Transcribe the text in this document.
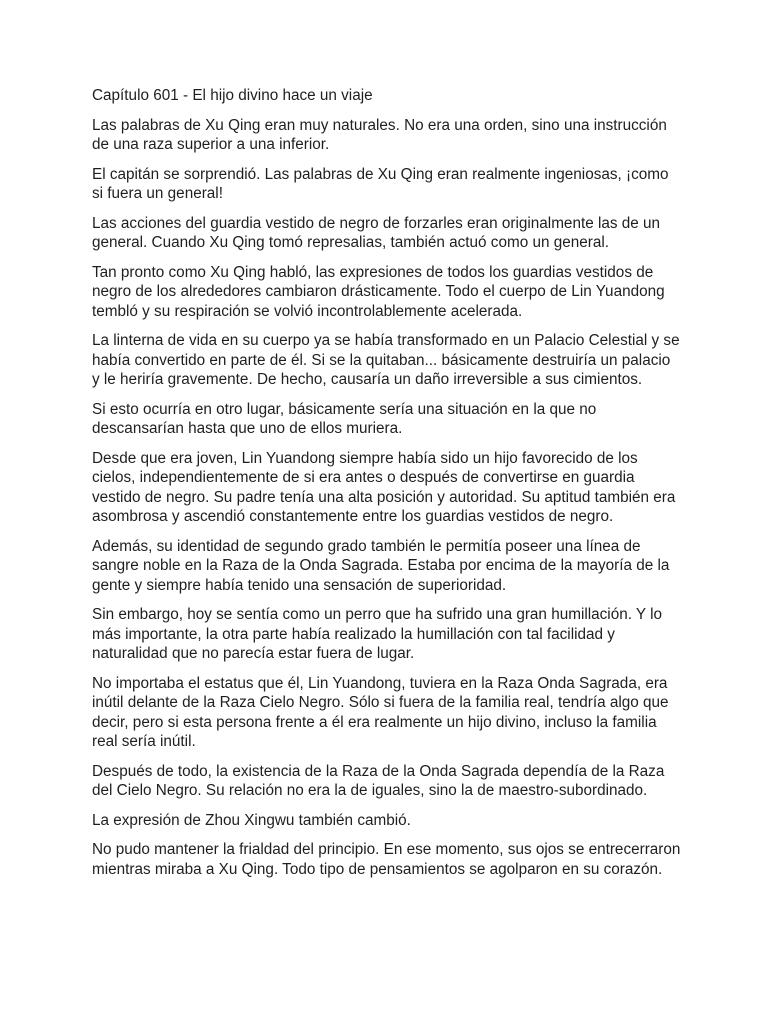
Capítulo 601 - El hijo divino hace un viaje

Las palabras de Xu Qing eran muy naturales. No era una orden, sino una instrucción de una raza superior a una inferior.

El capitán se sorprendió. Las palabras de Xu Qing eran realmente ingeniosas, ¡como si fuera un general!

Las acciones del guardia vestido de negro de forzarles eran originalmente las de un general. Cuando Xu Qing tomó represalias, también actuó como un general.

Tan pronto como Xu Qing habló, las expresiones de todos los guardias vestidos de negro de los alrededores cambiaron drásticamente. Todo el cuerpo de Lin Yuandong tembló y su respiración se volvió incontrolablemente acelerada.

La linterna de vida en su cuerpo ya se había transformado en un Palacio Celestial y se había convertido en parte de él. Si se la quitaban... básicamente destruiría un palacio y le heriría gravemente. De hecho, causaría un daño irreversible a sus cimientos.

Si esto ocurría en otro lugar, básicamente sería una situación en la que no descansarían hasta que uno de ellos muriera.

Desde que era joven, Lin Yuandong siempre había sido un hijo favorecido de los cielos, independientemente de si era antes o después de convertirse en guardia vestido de negro. Su padre tenía una alta posición y autoridad. Su aptitud también era asombrosa y ascendió constantemente entre los guardias vestidos de negro.

Además, su identidad de segundo grado también le permitía poseer una línea de sangre noble en la Raza de la Onda Sagrada. Estaba por encima de la mayoría de la gente y siempre había tenido una sensación de superioridad.

Sin embargo, hoy se sentía como un perro que ha sufrido una gran humillación. Y lo más importante, la otra parte había realizado la humillación con tal facilidad y naturalidad que no parecía estar fuera de lugar.

No importaba el estatus que él, Lin Yuandong, tuviera en la Raza Onda Sagrada, era inútil delante de la Raza Cielo Negro. Sólo si fuera de la familia real, tendría algo que decir, pero si esta persona frente a él era realmente un hijo divino, incluso la familia real sería inútil.

Después de todo, la existencia de la Raza de la Onda Sagrada dependía de la Raza del Cielo Negro. Su relación no era la de iguales, sino la de maestro-subordinado.

La expresión de Zhou Xingwu también cambió.

No pudo mantener la frialdad del principio. En ese momento, sus ojos se entrecerraron mientras miraba a Xu Qing. Todo tipo de pensamientos se agolparon en su corazón.
